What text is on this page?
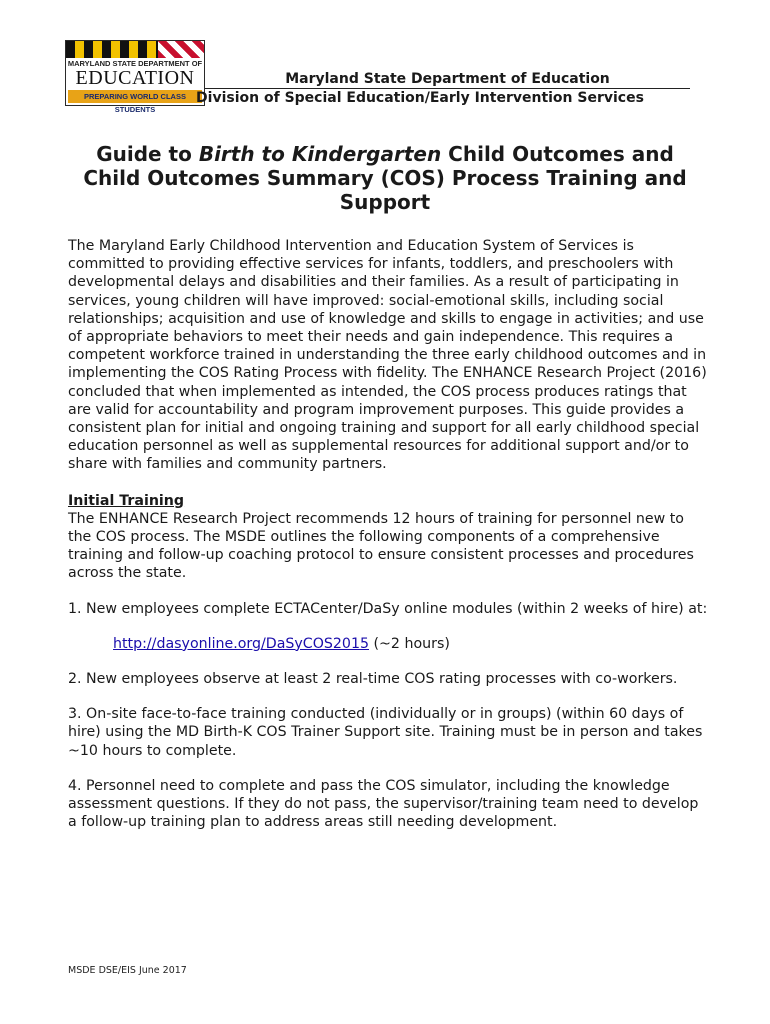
MARYLAND STATE DEPARTMENT OF
EDUCATION
PREPARING WORLD CLASS STUDENTS
Maryland State Department of Education
Division of Special Education/Early Intervention Services
Guide to Birth to Kindergarten Child Outcomes and Child Outcomes Summary (COS) Process Training and Support

The Maryland Early Childhood Intervention and Education System of Services is committed to providing effective services for infants, toddlers, and preschoolers with developmental delays and disabilities and their families. As a result of participating in services, young children will have improved: social-emotional skills, including social relationships; acquisition and use of knowledge and skills to engage in activities; and use of appropriate behaviors to meet their needs and gain independence. This requires a competent workforce trained in understanding the three early childhood outcomes and in implementing the COS Rating Process with fidelity. The ENHANCE Research Project (2016) concluded that when implemented as intended, the COS process produces ratings that are valid for accountability and program improvement purposes. This guide provides a consistent plan for initial and ongoing training and support for all early childhood special education personnel as well as supplemental resources for additional support and/or to share with families and community partners.

Initial Training

The ENHANCE Research Project recommends 12 hours of training for personnel new to the COS process. The MSDE outlines the following components of a comprehensive training and follow-up coaching protocol to ensure consistent processes and procedures across the state.

1. New employees complete ECTACenter/DaSy online modules (within 2 weeks of hire) at:

http://dasyonline.org/DaSyCOS2015 (~2 hours)

2. New employees observe at least 2 real-time COS rating processes with co-workers.

3. On-site face-to-face training conducted (individually or in groups) (within 60 days of hire) using the MD Birth-K COS Trainer Support site. Training must be in person and takes ~10 hours to complete.

4. Personnel need to complete and pass the COS simulator, including the knowledge assessment questions. If they do not pass, the supervisor/training team need to develop a follow-up training plan to address areas still needing development.

MSDE DSE/EIS June 2017
